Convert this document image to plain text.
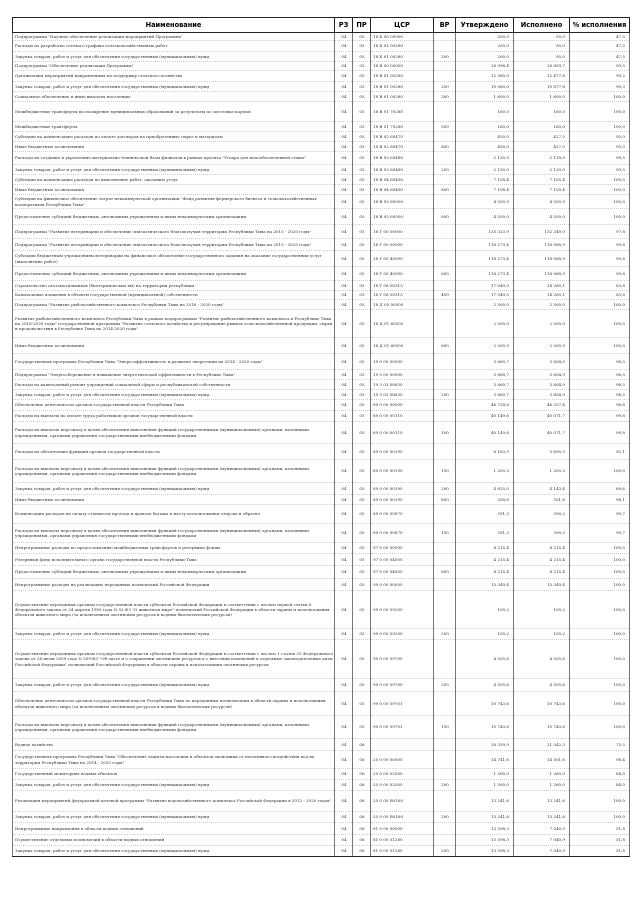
Наименование	РЗ	ПР	ЦСР	ВР	Утверждено	Исполнено	% исполнения
Подпрограмма "Научное обеспечение реализации мероприятий Программы"	04	05	18 Б 00 00000		200,0	95,0	47,5
Расходы по разработке сетевого графика сельскохозяйственных работ	04	05	18 Б 01 00280		200,0	95,0	47,5
Закупка товаров, работ и услуг для обеспечения государственных (муниципальных) нужд	04	05	18 Б 01 00280	200	200,0	95,0	47,5
Подпрограмма "Обеспечение реализации Программы"	04	05	18 В 00 00000		26 998,4	26 859,7	99,5
Организация мероприятий направленных на поддержку сельского хозяйства	04	05	18 В 01 00280		12 580,0	12 477,8	99,2
Закупка товаров, работ и услуг для обеспечения государственных (муниципальных) нужд	04	05	18 В 01 00280	200	10 960,0	10 877,8	99,3
Социальное обеспечение и иные выплаты населению	04	05	18 В 01 00280	300	1 600,0	1 600,0	100,0
Межбюджетные трансферты на поощрение муниципальных образований за результаты по заготовке кормов	04	05	18 В 01 70280		160,0	160,0	100,0
Межбюджетные трансферты	04	05	18 В 01 70280	500	160,0	160,0	100,0
Субсидии на компенсацию расходов по оплате договоров на приобретенные сырье и материалы	04	05	18 В 02 60470		450,0	427,5	95,0
Иные бюджетные ассигнования	04	05	18 В 02 60470	800	450,0	427,5	95,0
Расходы на создание и укрепление материально-технической базы филиалов в рамках проекта "Угаара для малообеспеченной семьи"	04	05	18 В 03 60480		2 150,0	2 139,0	99,5
Закупка товаров, работ и услуг для обеспечения государственных (муниципальных) нужд	04	05	18 В 03 60480	200	2 150,0	2 139,0	99,5
Субсидии на компенсацию расходов по выполнению работ, оказанию услуг	04	05	18 В 04 60490		7 108,4	7 105,4	100,0
Иные бюджетные ассигнования	04	05	18 В 04 60490	800	7 108,4	7 105,4	100,0
Субсидии на финансовое обеспечение затрат некоммерческой организации "Фонд развития фермерского бизнеса и сельскохозяйственных кооперативов Республики Тыва"	04	05	18 В 05 60500		4 550,0	4 550,0	100,0
Предоставление субсидий бюджетным, автономным учреждениям и иным некоммерческим организациям	04	05	18 В 05 60500	600	4 550,0	4 550,0	100,0
Подпрограмма "Развитие ветеринарии и обеспечение эпизоотического благополучия территории Республики Тыва на 2015 - 2020 годы"	04	05	18 Г 00 00000		135 323,9	132 249,0	97,8
Подпрограмма "Развитие ветеринарии и обеспечение эпизоотического благополучия территории Республики Тыва на 2015 - 2020 годы"	04	05	18 Г 00 00000		118 273,4	118 068,9	99,8
Субсидии бюджетным учреждениям ветеринарии на финансовое обеспечение государственного задания на оказание государственных услуг (выполнение работ)	04	05	18 Г 00 40590		118 273,4	118 068,9	99,8
Предоставление субсидий бюджетным, автономным учреждениям и иным некоммерческим организациям	04	05	18 Г 00 40590	600	118 273,4	118 068,9	99,8
Строительство скотомогильников (биотермических ям) на территории республики	04	05	18 Г 08 00313		17 049,5	14 280,1	83,8
Капитальные вложения в объекты государственной (муниципальной) собственности	04	05	18 Г 08 00313	400	17 049,5	14 280,1	83,8
Подпрограмма "Развитие рыбохозяйственного комплекса Республики Тыва на 2016 - 2020 годы"	04	05	18 Д 00 00000		2 500,0	2 500,0	100,0
Развитие рыбохозяйственного комплекса Республики Тыва в рамках подпрограммы "Развитие рыбохозяйственного комплекса в Республике Тыва на 2016-2020 годы" государственной программы "Развитие сельского хозяйства и регулирование рынков сельскохозяйственной продукции, сырья и продовольствия в Республике Тыва на 2014-2020 годы"	04	05	18 Д 01 60500		2 500,0	2 500,0	100,0
Иные бюджетные ассигнования	04	05	18 Д 01 60500	800	2 500,0	2 500,0	100,0
Государственная программа Республики Тыва "Энергоэффективность и развитие энергетики на 2014 - 2020 годы"	04	05	19 0 00 00000		3 660,7	3 604,9	98,5
Подпрограмма "Энергосбережение и повышение энергетической эффективности в Республике Тыва"	04	05	19 3 00 00000		3 660,7	3 604,9	98,5
Расходы на капитальный ремонт учреждений социальной сферы и республиканской собственности	04	05	19 3 03 08830		3 660,7	3 604,9	98,5
Закупка товаров, работ и услуг для обеспечения государственных (муниципальных) нужд	04	05	19 3 03 08830	200	3 660,7	3 604,9	98,5
Обеспечение деятельности органов государственной власти Республики Тыва	04	05	89 0 00 00000		46 724,8	46 257,4	98,8
Расходы на выплаты по оплате труда работников органов государственной власти	04	05	89 0 00 00110		40 149,6	40 071,7	99,8
Расходы на выплаты персоналу в целях обеспечения выполнения функций государственными (муниципальными) органами, казенными учреждениями, органами управления государственными внебюджетными фондами	04	05	89 0 00 00110	100	40 149,6	40 071,7	99,8
Расходы на обеспечение функций органов государственной власти	04	05	89 0 00 00190		6 183,9	5 695,5	92,1
Расходы на выплаты персоналу в целях обеспечения выполнения функций государственными (муниципальными) органами, казенными учреждениями, органами управления государственными внебюджетными фондами	04	05	89 0 00 00190	100	1 200,3	1 200,3	100,0
Закупка товаров, работ и услуг для обеспечения государственных (муниципальных) нужд	04	05	89 0 00 00190	200	4 625,0	4 143,4	89,6
Иные бюджетные ассигнования	04	05	89 0 00 00190	800	358,6	351,8	98,1
Компенсация расходов на оплату стоимости проезда и провоза багажа к месту использования отпуска и обратно	04	05	89 0 00 00870		391,3	390,2	99,7
Расходы на выплаты персоналу в целях обеспечения выполнения функций государственными (муниципальными) органами, казенными учреждениями, органами управления государственными внебюджетными фондами	04	05	89 0 00 00870	100	391,3	390,2	99,7
Непрограммные расходы по предоставлению межбюджетных трансфертов и резервные фонды	04	05	97 0 00 00000		4 215,4	4 215,4	100,0
Резервный фонд исполнительного органа государственной власти Республики Тыва	04	05	97 0 00 04000		4 215,4	4 215,4	100,0
Предоставление субсидий бюджетным, автономным учреждениям и иным некоммерческим организациям	04	05	97 0 00 04000	600	4 215,4	4 215,4	100,0
Непрограммные расходы на реализацию переданных полномочий Российской Федерации	04	05	99 0 00 00000		15 349,4	15 349,4	100,0
Осуществление переданных органам государственной власти субъектов Российской Федерации в соответствии с частью первой статьи 6 Федерального закона от 24 апреля 1995 года N 52-ФЗ "О животном мире" полномочий Российской Федерации в области охраны и использования объектов животного мира (за исключением охотничьих ресурсов и водных биологических ресурсов)	04	05	99 0 00 59200		100,2	100,2	100,0
Закупка товаров, работ и услуг для обеспечения государственных (муниципальных) нужд	04	05	99 0 00 59200	200	100,2	100,2	100,0
Осуществление переданных органам государственной власти субъектов Российской Федерации в соответствии с частью 1 статьи 33 Федерального закона от 24 июля 2009 года N 209-ФЗ "Об охоте и о сохранении охотничьих ресурсов и о внесении изменений в отдельные законодательные акты Российской Федерации" полномочий Российской Федерации в области охраны и использования охотничьих ресурсов	04	05	99 0 00 59700		4 505,6	4 505,6	100,0
Закупка товаров, работ и услуг для обеспечения государственных (муниципальных) нужд	04	05	99 0 00 59700	200	4 505,6	4 505,6	100,0
Обеспечение деятельности органов государственной власти Республики Тыва по переданным полномочиям в области охраны и использования объектов животного мира (за исключением охотничьих ресурсов и водных биологических ресурсов)	04	05	99 0 00 59701		10 743,6	10 743,6	100,0
Расходы на выплаты персоналу в целях обеспечения выполнения функций государственными (муниципальными) органами, казенными учреждениями, органами управления государственными внебюджетными фондами	04	05	99 0 00 59701	100	10 743,6	10 743,6	100,0
Водное хозяйство	04	06			28 339,9	21 542,3	75,5
Государственная программа Республики Тыва "Обеспечение защиты населения и объектов экономики от негативного воздействия вод на территории Республики Тыва на 2014 - 2020 годы"	04	06	25 0 00 00000		14 741,6	14 501,6	98,4
Государственный мониторинг водных объектов	04	06	25 0 00 02500		1 500,0	1 260,0	84,0
Закупка товаров, работ и услуг для обеспечения государственных (муниципальных) нужд	04	06	25 0 00 02500	200	1 500,0	1 260,0	84,0
Реализация мероприятий федеральной целевой программы "Развитие водохозяйственного комплекса Российской Федерации в 2012 - 2020 годах"	04	06	25 0 00 R0160		13 241,6	13 241,6	100,0
Закупка товаров, работ и услуг для обеспечения государственных (муниципальных) нужд	04	06	25 0 00 R0160	200	13 241,6	13 241,6	100,0
Непрограммные направления в области водных отношений	04	06	81 0 00 00000		13 598,3	7 040,9	51,8
Осуществление отдельных полномочий в области водных отношений	04	06	81 0 00 51280		13 598,3	7 040,9	51,8
Закупка товаров, работ и услуг для обеспечения государственных (муниципальных) нужд	04	06	81 0 00 51280	200	13 598,3	7 040,9	51,8
